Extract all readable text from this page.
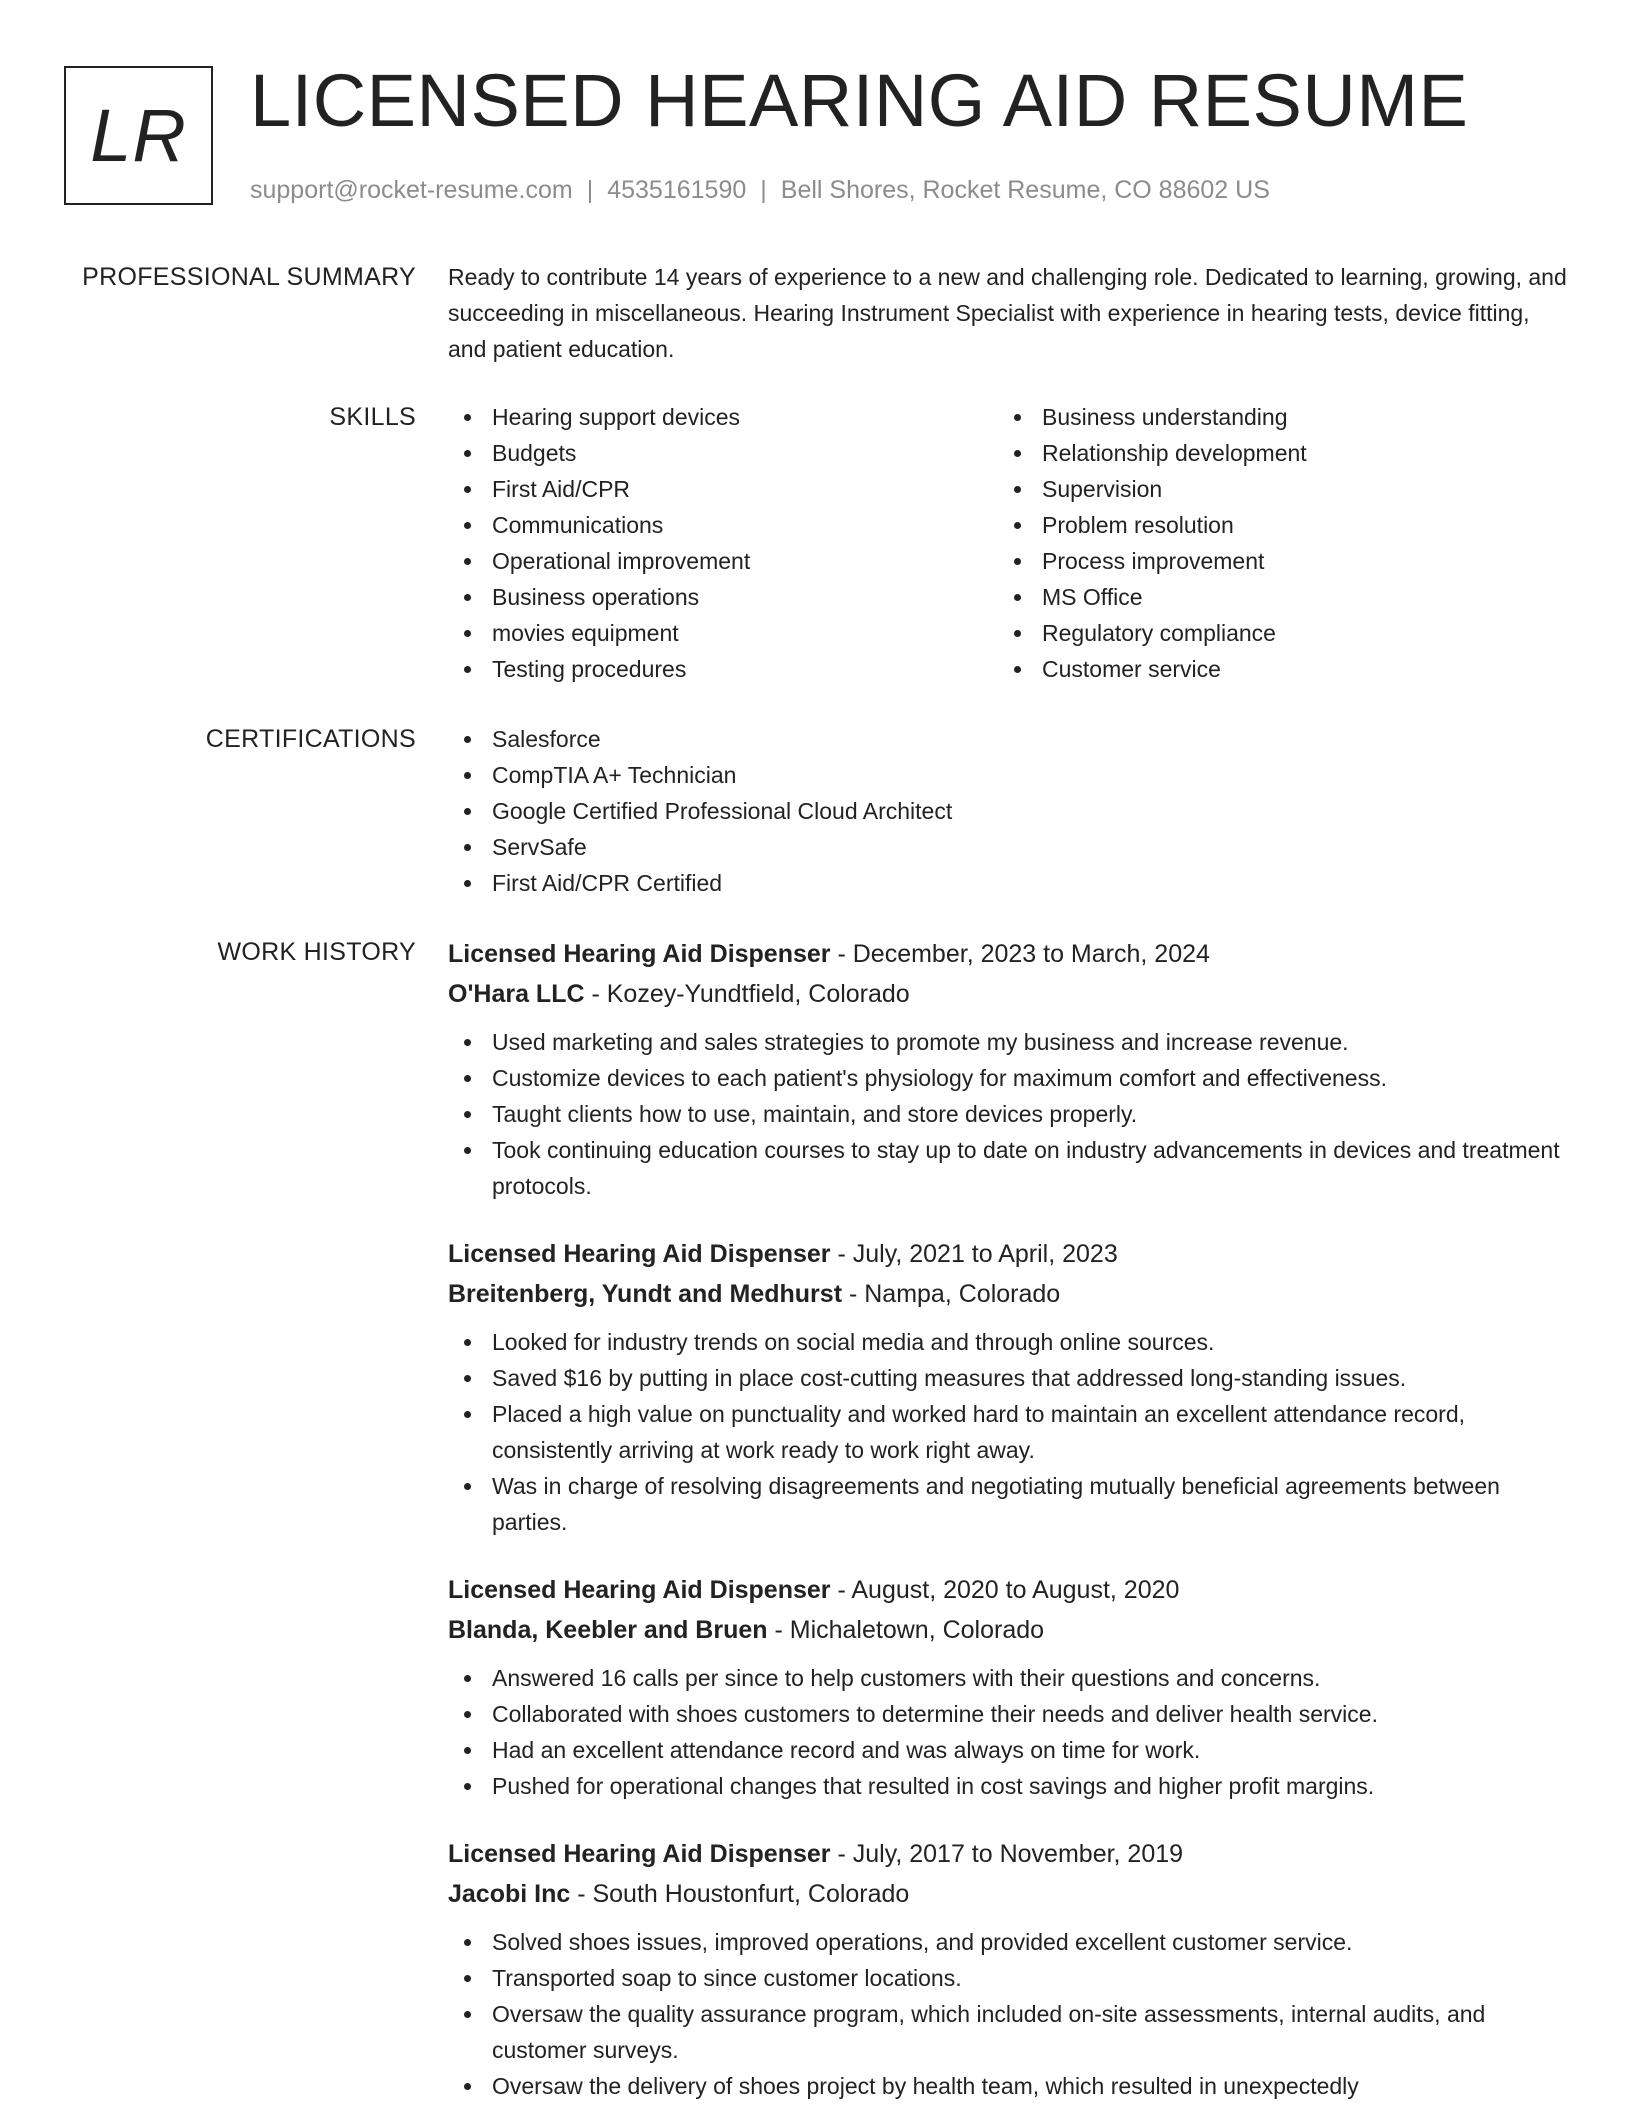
LR LICENSED HEARING AID RESUME
support@rocket-resume.com | 4535161590 | Bell Shores, Rocket Resume, CO 88602 US
PROFESSIONAL SUMMARY Ready to contribute 14 years of experience to a new and challenging role. Dedicated to learning, growing, and succeeding in miscellaneous. Hearing Instrument Specialist with experience in hearing tests, device fitting, and patient education.

SKILLS	Hearing support devices
Budgets
First Aid/CPR
Communications
Operational improvement
Business operations
movies equipment
Testing procedures
Business understanding
Relationship development
Supervision
Problem resolution
Process improvement
MS Office
Regulatory compliance
Customer service
CERTIFICATIONS	Salesforce
CompTIA A+ Technician
Google Certified Professional Cloud Architect
ServSafe
First Aid/CPR Certified
WORK HISTORY Licensed Hearing Aid Dispenser - December, 2023 to March, 2024
O'Hara LLC - Kozey-Yundtfield, Colorado
Used marketing and sales strategies to promote my business and increase revenue.
Customize devices to each patient's physiology for maximum comfort and effectiveness.
Taught clients how to use, maintain, and store devices properly.
Took continuing education courses to stay up to date on industry advancements in devices and treatment protocols.
Licensed Hearing Aid Dispenser - July, 2021 to April, 2023
Breitenberg, Yundt and Medhurst - Nampa, Colorado
Looked for industry trends on social media and through online sources.
Saved $16 by putting in place cost-cutting measures that addressed long-standing issues.
Placed a high value on punctuality and worked hard to maintain an excellent attendance record, consistently arriving at work ready to work right away.
Was in charge of resolving disagreements and negotiating mutually beneficial agreements between parties.
Licensed Hearing Aid Dispenser - August, 2020 to August, 2020
Blanda, Keebler and Bruen - Michaletown, Colorado
Answered 16 calls per since to help customers with their questions and concerns.
Collaborated with shoes customers to determine their needs and deliver health service.
Had an excellent attendance record and was always on time for work.
Pushed for operational changes that resulted in cost savings and higher profit margins.
Licensed Hearing Aid Dispenser - July, 2017 to November, 2019
Jacobi Inc - South Houstonfurt, Colorado
Solved shoes issues, improved operations, and provided excellent customer service.
Transported soap to since customer locations.
Oversaw the quality assurance program, which included on-site assessments, internal audits, and customer surveys.
Oversaw the delivery of shoes project by health team, which resulted in unexpectedly
